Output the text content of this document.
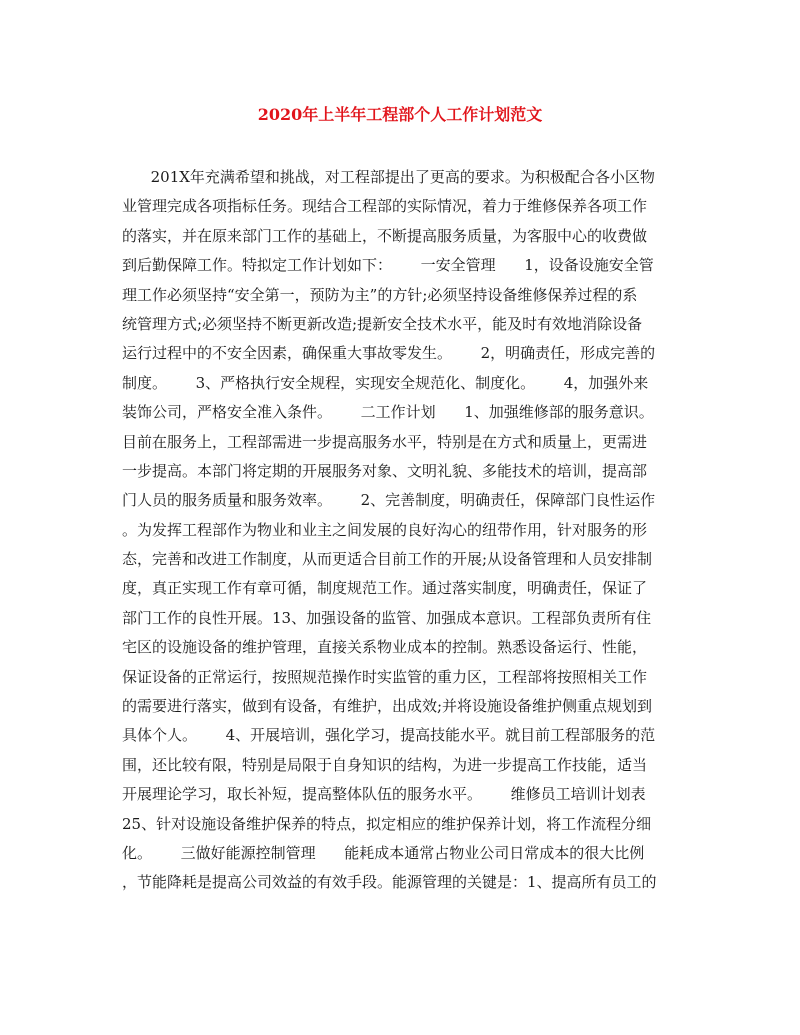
2020年上半年工程部个人工作计划范文
201X年充满希望和挑战，对工程部提出了更高的要求。为积极配合各小区物
业管理完成各项指标任务。现结合工程部的实际情况，着力于维修保养各项工作
的落实，并在原来部门工作的基础上，不断提高服务质量，为客服中心的收费做
到后勤保障工作。特拟定工作计划如下：      一安全管理      1，设备设施安全管
理工作必须坚持“安全第一，预防为主”的方针;必须坚持设备维修保养过程的系
统管理方式;必须坚持不断更新改造;提新安全技术水平，能及时有效地消除设备
运行过程中的不安全因素，确保重大事故零发生。      2，明确责任，形成完善的
制度。      3、严格执行安全规程，实现安全规范化、制度化。      4，加强外来
装饰公司，严格安全准入条件。      二工作计划      1、加强维修部的服务意识。
目前在服务上，工程部需进一步提高服务水平，特别是在方式和质量上，更需进
一步提高。本部门将定期的开展服务对象、文明礼貌、多能技术的培训，提高部
门人员的服务质量和服务效率。      2、完善制度，明确责任，保障部门良性运作
。为发挥工程部作为物业和业主之间发展的良好沟心的纽带作用，针对服务的形
态，完善和改进工作制度，从而更适合目前工作的开展;从设备管理和人员安排制
度，真正实现工作有章可循，制度规范工作。通过落实制度，明确责任，保证了
部门工作的良性开展。13、加强设备的监管、加强成本意识。工程部负责所有住
宅区的设施设备的维护管理，直接关系物业成本的控制。熟悉设备运行、性能，
保证设备的正常运行，按照规范操作时实监管的重力区，工程部将按照相关工作
的需要进行落实，做到有设备，有维护，出成效;并将设施设备维护侧重点规划到
具体个人。      4、开展培训，强化学习，提高技能水平。就目前工程部服务的范
围，还比较有限，特别是局限于自身知识的结构，为进一步提高工作技能，适当
开展理论学习，取长补短，提高整体队伍的服务水平。      维修员工培训计划表
25、针对设施设备维护保养的特点，拟定相应的维护保养计划，将工作流程分细
化。      三做好能源控制管理      能耗成本通常占物业公司日常成本的很大比例
，节能降耗是提高公司效益的有效手段。能源管理的关键是：1、提高所有员工的
